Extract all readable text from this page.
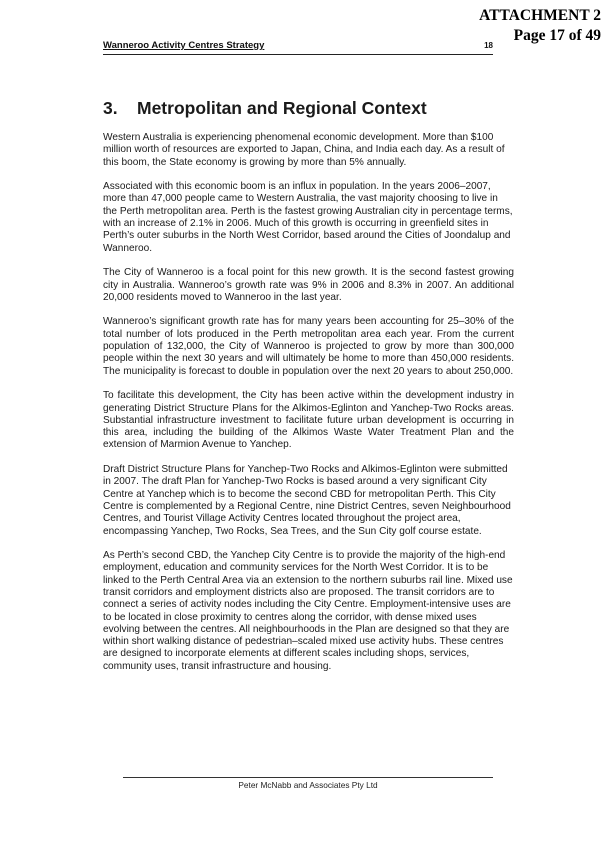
ATTACHMENT 2
Page 17 of 49
Wanneroo Activity Centres Strategy	18
3. Metropolitan and Regional Context

Western Australia is experiencing phenomenal economic development. More than $100 million worth of resources are exported to Japan, China, and India each day. As a result of this boom, the State economy is growing by more than 5% annually.

Associated with this economic boom is an influx in population. In the years 2006–2007, more than 47,000 people came to Western Australia, the vast majority choosing to live in the Perth metropolitan area. Perth is the fastest growing Australian city in percentage terms, with an increase of 2.1% in 2006. Much of this growth is occurring in greenfield sites in Perth’s outer suburbs in the North West Corridor, based around the Cities of Joondalup and Wanneroo.

The City of Wanneroo is a focal point for this new growth. It is the second fastest growing city in Australia. Wanneroo’s growth rate was 9% in 2006 and 8.3% in 2007. An additional 20,000 residents moved to Wanneroo in the last year.

Wanneroo’s significant growth rate has for many years been accounting for 25–30% of the total number of lots produced in the Perth metropolitan area each year. From the current population of 132,000, the City of Wanneroo is projected to grow by more than 300,000 people within the next 30 years and will ultimately be home to more than 450,000 residents. The municipality is forecast to double in population over the next 20 years to about 250,000.

To facilitate this development, the City has been active within the development industry in generating District Structure Plans for the Alkimos-Eglinton and Yanchep-Two Rocks areas. Substantial infrastructure investment to facilitate future urban development is occurring in this area, including the building of the Alkimos Waste Water Treatment Plan and the extension of Marmion Avenue to Yanchep.

Draft District Structure Plans for Yanchep-Two Rocks and Alkimos-Eglinton were submitted in 2007. The draft Plan for Yanchep-Two Rocks is based around a very significant City Centre at Yanchep which is to become the second CBD for metropolitan Perth. This City Centre is complemented by a Regional Centre, nine District Centres, seven Neighbourhood Centres, and Tourist Village Activity Centres located throughout the project area, encompassing Yanchep, Two Rocks, Sea Trees, and the Sun City golf course estate.

As Perth’s second CBD, the Yanchep City Centre is to provide the majority of the high-end employment, education and community services for the North West Corridor. It is to be linked to the Perth Central Area via an extension to the northern suburbs rail line. Mixed use transit corridors and employment districts also are proposed. The transit corridors are to connect a series of activity nodes including the City Centre. Employment-intensive uses are to be located in close proximity to centres along the corridor, with dense mixed uses evolving between the centres. All neighbourhoods in the Plan are designed so that they are within short walking distance of pedestrian–scaled mixed use activity hubs. These centres are designed to incorporate elements at different scales including shops, services, community uses, transit infrastructure and housing.

Peter McNabb and Associates Pty Ltd
